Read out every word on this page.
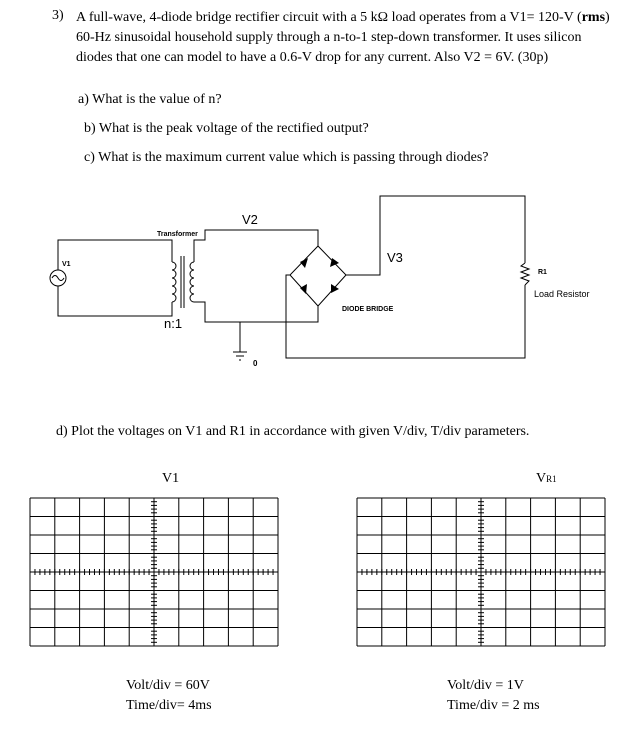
3) A full-wave, 4-diode bridge rectifier circuit with a 5 kΩ load operates from a V1= 120-V (rms) 60-Hz sinusoidal household supply through a n-to-1 step-down transformer. It uses silicon diodes that one can model to have a 0.6-V drop for any current. Also V2 = 6V. (30p)
a) What is the value of n?
b) What is the peak voltage of the rectified output?
c) What is the maximum current value which is passing through diodes?
V1
Transformer
V2
V3
n:1
0
DIODE BRIDGE
R1
Load Resistor
d) Plot the voltages on V1 and R1 in accordance with given V/div, T/div parameters.
V1	VR1
Volt/div = 60V
Time/div= 4ms
Volt/div = 1V
Time/div = 2 ms
